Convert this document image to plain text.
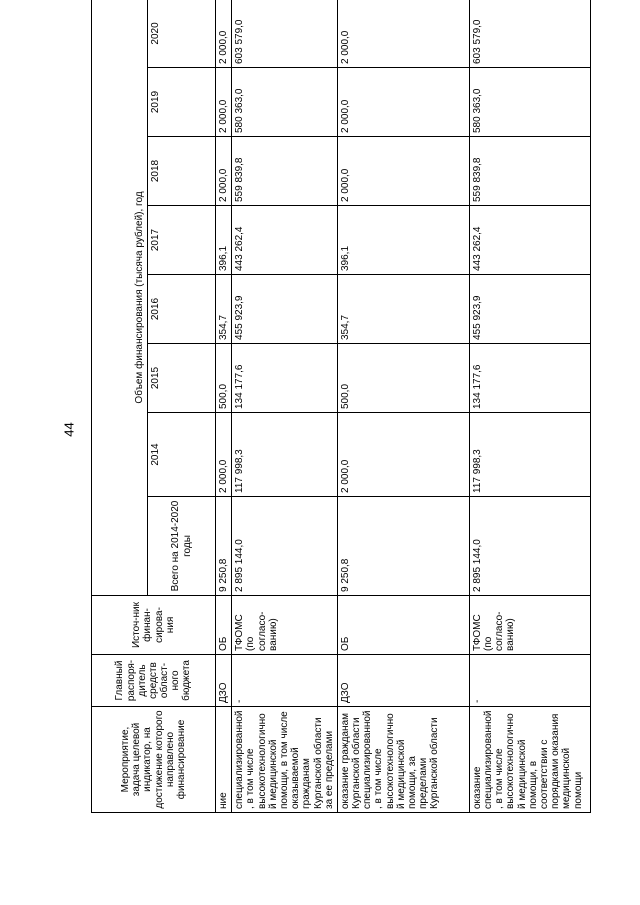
44
Мероприятие, задача целевой индикатор, на достижение которого направлено финансирование	Главный распоря-дитель средств област-ного бюджета	Источ-ник финан-сирова-ния	Объем финансирования (тысяча рублей), год							
			Всего на 2014-2020 годы	2014	2015	2016	2017	2018	2019	2020
ние	ДЗО	ОБ	9 250,8	2 000,0	500,0	354,7	396,1	2 000,0	2 000,0	2 000,0
специализированной, в том числе высокотехнологично й медицинской помощи, в том числе оказываемой гражданам Курганской области за ее пределами	-	ТФОМС (по согласо-ванию)	2 895 144,0	117 998,3	134 177,6	455 923,9	443 262,4	559 839,8	580 363,0	603 579,0
оказание гражданам Курганской области специализированной, в том числе высокотехнологичной медицинской помощи, за пределами Курганской области	ДЗО	ОБ	9 250,8	2 000,0	500,0	354,7	396,1	2 000,0	2 000,0	2 000,0
оказание специализированной, в том числе высокотехнологичной медицинской помощи, в соответствии с порядками оказания медицинской помощи	-	ТФОМС (по согласо-ванию)	2 895 144,0	117 998,3	134 177,6	455 923,9	443 262,4	559 839,8	580 363,0	603 579,0
